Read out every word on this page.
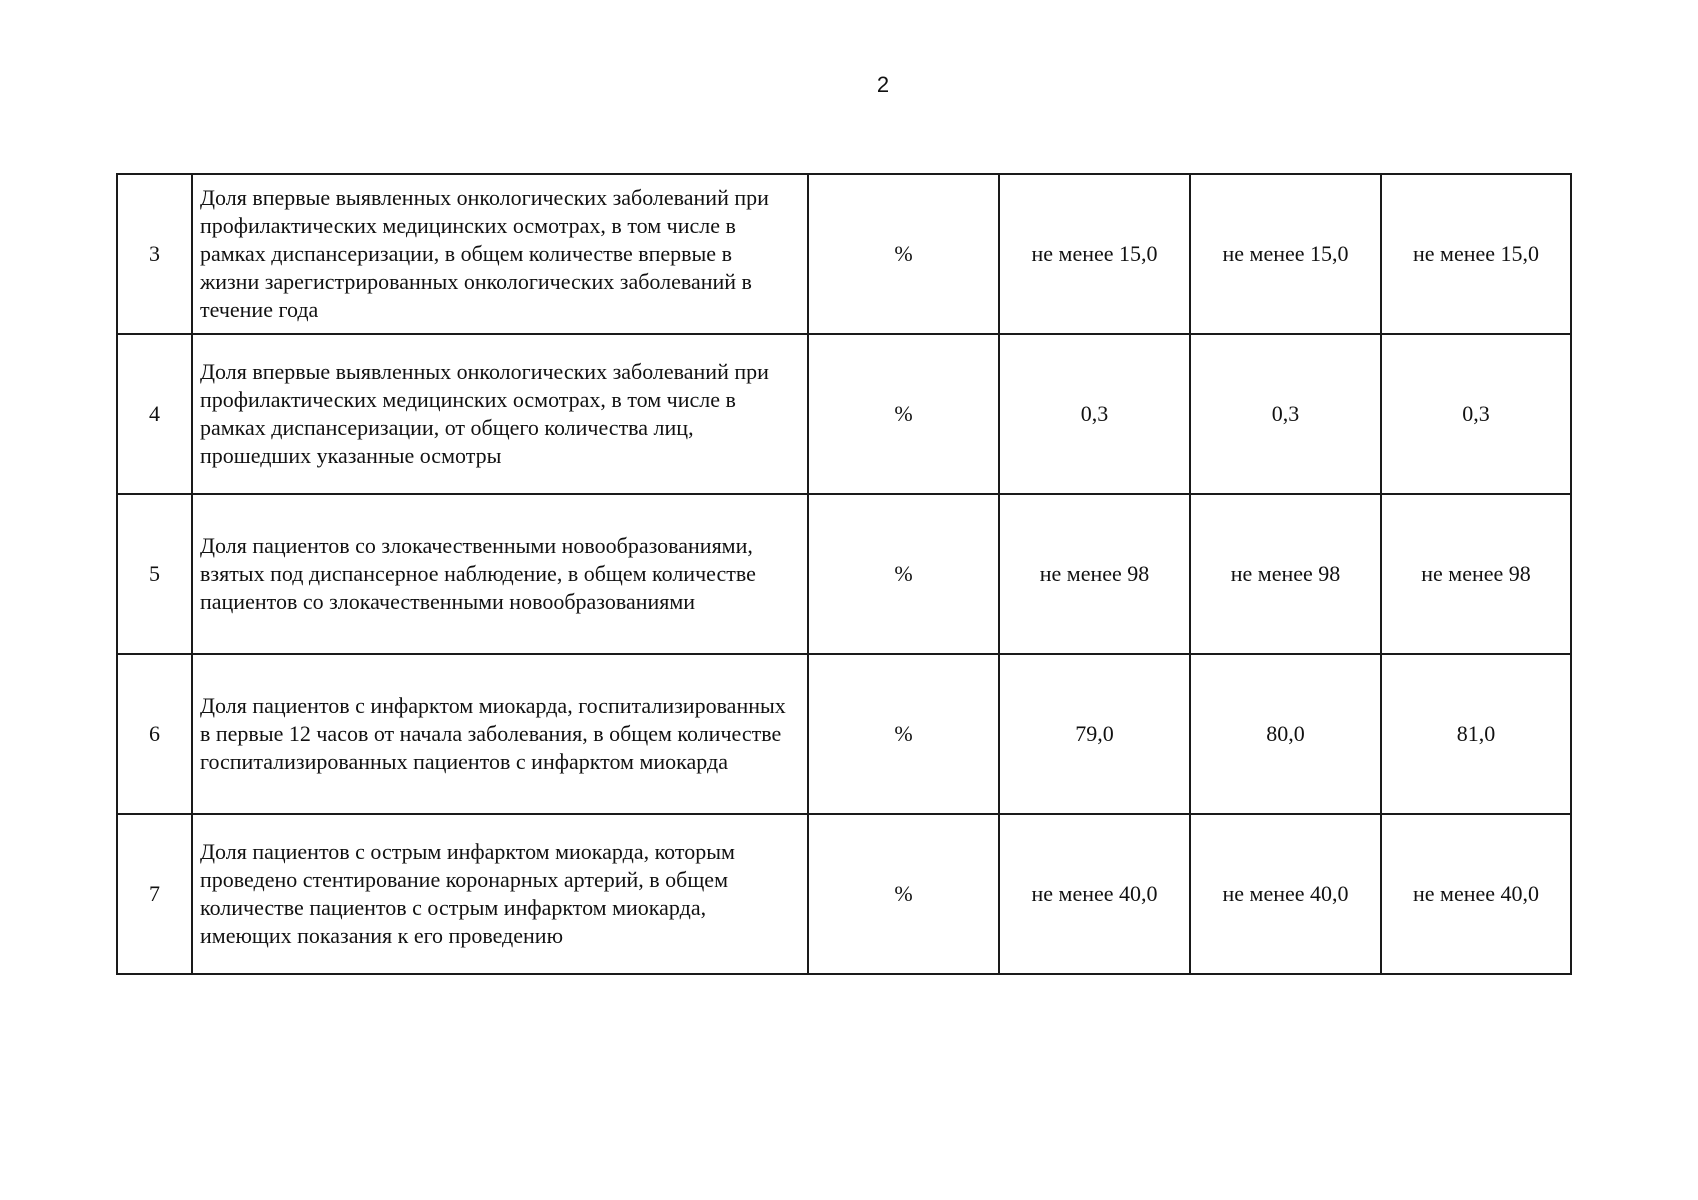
2
3	Доля впервые выявленных онкологических заболеваний при профилактических медицинских осмотрах, в том числе в рамках диспансеризации, в общем количестве впервые в жизни зарегистрированных онкологических заболеваний в течение года	%	не менее 15,0	не менее 15,0	не менее 15,0
4	Доля впервые выявленных онкологических заболеваний при профилактических медицинских осмотрах, в том числе в рамках диспансеризации, от общего количества лиц, прошедших указанные осмотры	%	0,3	0,3	0,3
5	Доля пациентов со злокачественными новообразованиями, взятых под диспансерное наблюдение, в общем количестве пациентов со злокачественными новообразованиями	%	не менее 98	не менее 98	не менее 98
6	Доля пациентов с инфарктом миокарда, госпитализированных в первые 12 часов от начала заболевания, в общем количестве госпитализированных пациентов с инфарктом миокарда	%	79,0	80,0	81,0
7	Доля пациентов с острым инфарктом миокарда, которым проведено стентирование коронарных артерий, в общем количестве пациентов с острым инфарктом миокарда, имеющих показания к его проведению	%	не менее 40,0	не менее 40,0	не менее 40,0
